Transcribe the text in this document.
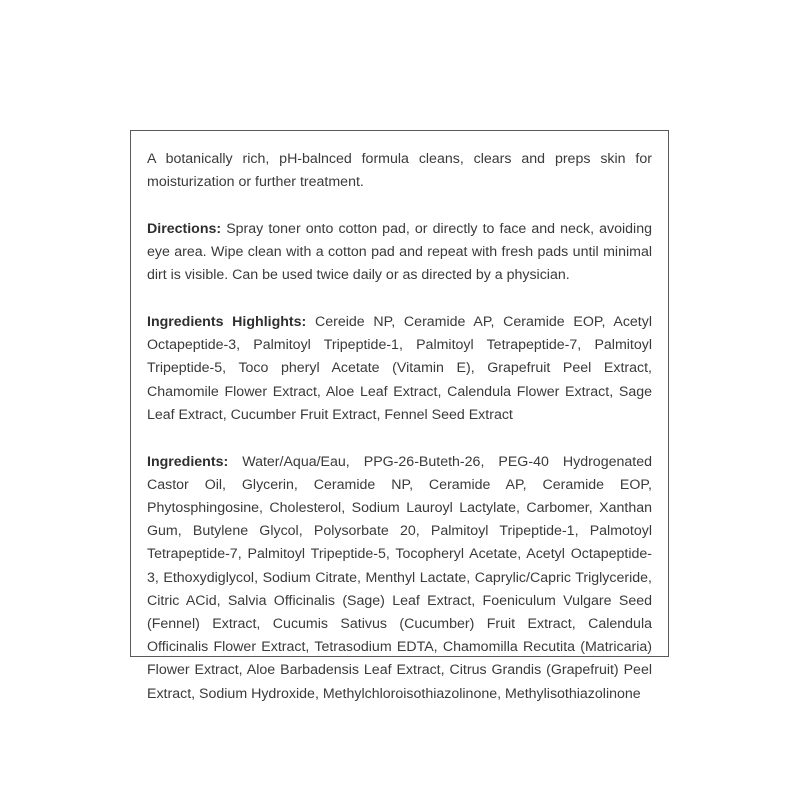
A botanically rich, pH-balnced formula cleans, clears and preps skin for moisturization or further treatment.

Directions: Spray toner onto cotton pad, or directly to face and neck, avoiding eye area. Wipe clean with a cotton pad and repeat with fresh pads until minimal dirt is visible. Can be used twice daily or as directed by a physician.

Ingredients Highlights: Cereide NP, Ceramide AP, Ceramide EOP, Acetyl Octapeptide-3, Palmitoyl Tripeptide-1, Palmitoyl Tetrapeptide-7, Palmitoyl Tripeptide-5, Toco pheryl Acetate (Vitamin E), Grapefruit Peel Extract, Chamomile Flower Extract, Aloe Leaf Extract, Calendula Flower Extract, Sage Leaf Extract, Cucumber Fruit Extract, Fennel Seed Extract

Ingredients: Water/Aqua/Eau, PPG-26-Buteth-26, PEG-40 Hydrogenated Castor Oil, Glycerin, Ceramide NP, Ceramide AP, Ceramide EOP, Phytosphingosine, Cholesterol, Sodium Lauroyl Lactylate, Carbomer, Xanthan Gum, Butylene Glycol, Polysorbate 20, Palmitoyl Tripeptide-1, Palmotoyl Tetrapeptide-7, Palmitoyl Tripeptide-5, Tocopheryl Acetate, Acetyl Octapeptide-3, Ethoxydiglycol, Sodium Citrate, Menthyl Lactate, Caprylic/Capric Triglyceride, Citric ACid, Salvia Officinalis (Sage) Leaf Extract, Foeniculum Vulgare Seed (Fennel) Extract, Cucumis Sativus (Cucumber) Fruit Extract, Calendula Officinalis Flower Extract, Tetrasodium EDTA, Chamomilla Recutita (Matricaria) Flower Extract, Aloe Barbadensis Leaf Extract, Citrus Grandis (Grapefruit) Peel Extract, Sodium Hydroxide, Methylchloroisothiazolinone, Methylisothiazolinone
